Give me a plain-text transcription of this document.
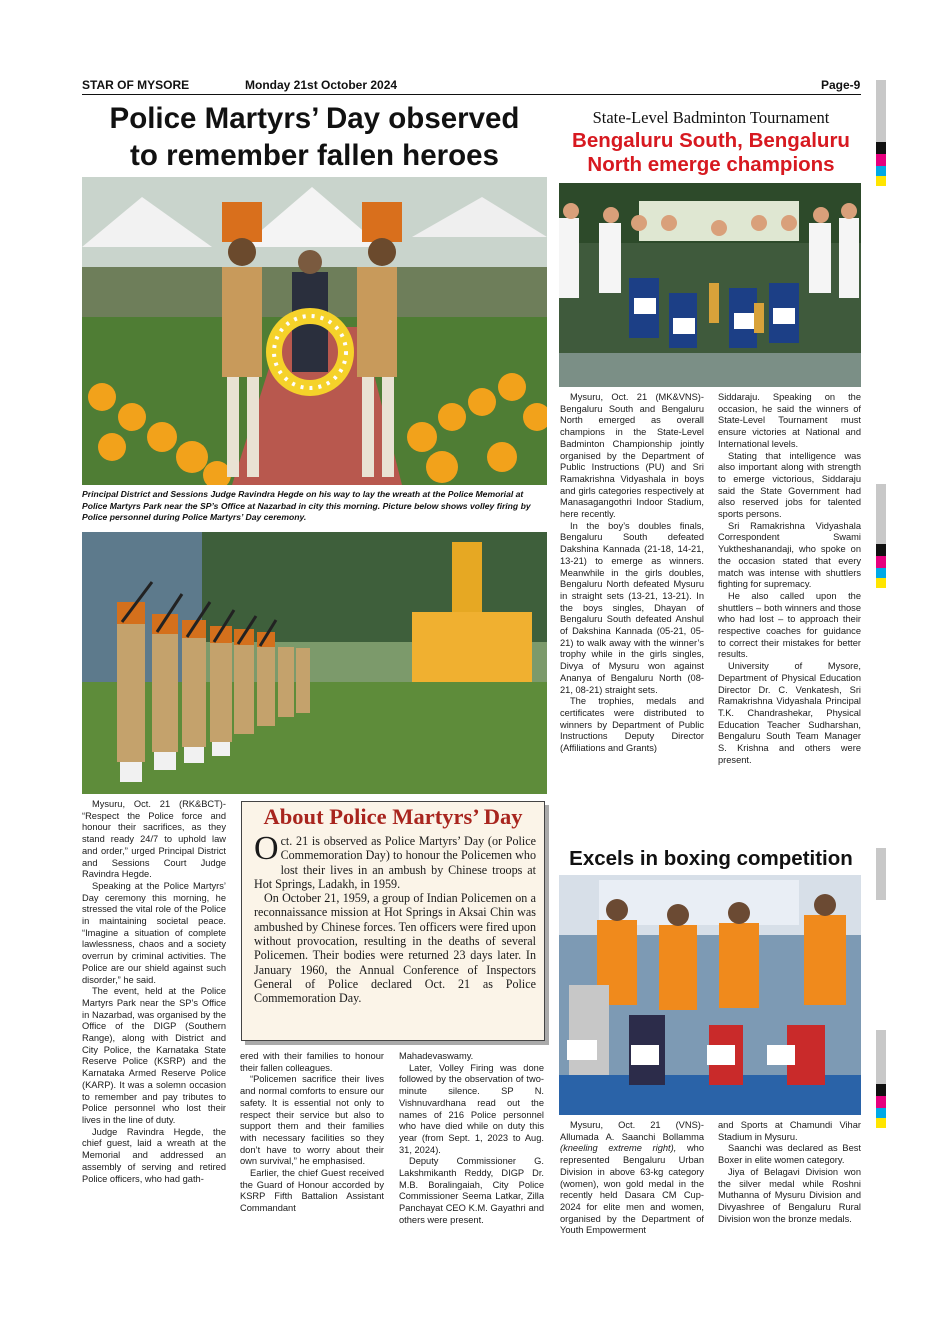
STAR OF MYSORE	Monday 21st October 2024	Page-9
Police Martyrs’ Day observed
to remember fallen heroes
Principal District and Sessions Judge Ravindra Hegde on his way to lay the wreath at the Police Memorial at Police Martyrs Park near the SP’s Office at Nazarbad in city this morning. Picture below shows volley firing by Police personnel during Police Martyrs’ Day ceremony.

Mysuru, Oct. 21 (RK&BCT)- “Respect the Police force and honour their sacrifices, as they stand ready 24/7 to uphold law and order,” urged Principal District and Sessions Court Judge Ravindra Hegde.

Speaking at the Police Martyrs’ Day ceremony this morning, he stressed the vital role of the Police in maintaining societal peace. “Imagine a situation of complete lawlessness, chaos and a society overrun by criminal activities. The Police are our shield against such disorder,” he said.

The event, held at the Police Martyrs Park near the SP’s Office in Nazarbad, was organised by the Office of the DIGP (Southern Range), along with District and City Police, the Karnataka State Reserve Police (KSRP) and the Karnataka Armed Reserve Police (KARP). It was a solemn occasion to remember and pay tributes to Police personnel who lost their lives in the line of duty.

Judge Ravindra Hegde, the chief guest, laid a wreath at the Memorial and addressed an assembly of serving and retired Police officers, who had gath-

About Police Martyrs’ Day
Oct. 21 is observed as Police Martyrs’ Day (or Police Commemoration Day) to honour the Policemen who lost their lives in an ambush by Chinese troops at Hot Springs, Ladakh, in 1959.
On October 21, 1959, a group of Indian Policemen on a reconnaissance mission at Hot Springs in Aksai Chin was ambushed by Chinese forces. Ten officers were fired upon without provocation, resulting in the deaths of several Policemen. Their bodies were returned 23 days later. In January 1960, the Annual Conference of Inspectors General of Police declared Oct. 21 as Police Commemoration Day.

ered with their families to honour their fallen colleagues.

“Policemen sacrifice their lives and normal comforts to ensure our safety. It is essential not only to respect their service but also to support them and their families with necessary facilities so they don’t have to worry about their own survival,” he emphasised.

Earlier, the chief Guest received the Guard of Honour accorded by KSRP Fifth Battalion Assistant Commandant

Mahadevaswamy.

Later, Volley Firing was done followed by the observation of two-minute silence. SP N. Vishnuvardhana read out the names of 216 Police personnel who have died while on duty this year (from Sept. 1, 2023 to Aug. 31, 2024).

Deputy Commissioner G. Lakshmikanth Reddy, DIGP Dr. M.B. Boralingaiah, City Police Commissioner Seema Latkar, Zilla Panchayat CEO K.M. Gayathri and others were present.

State-Level Badminton Tournament
Bengaluru South, Bengaluru
North emerge champions

Mysuru, Oct. 21 (MK&VNS)- Bengaluru South and Bengaluru North emerged as overall champions in the State-Level Badminton Championship jointly organised by the Department of Public Instructions (PU) and Sri Ramakrishna Vidyashala in boys and girls categories respectively at Manasagangothri Indoor Stadium, here recently.

In the boy’s doubles finals, Bengaluru South defeated Dakshina Kannada (21-18, 14-21, 13-21) to emerge as winners. Meanwhile in the girls doubles, Bengaluru North defeated Mysuru in straight sets (13-21, 13-21). In the boys singles, Dhayan of Bengaluru South defeated Anshul of Dakshina Kannada (05-21, 05-21) to walk away with the winner’s trophy while in the girls singles, Divya of Mysuru won against Ananya of Bengaluru North (08-21, 08-21) straight sets.

The trophies, medals and certificates were distributed to winners by Department of Public Instructions Deputy Director (Affiliations and Grants)

Siddaraju. Speaking on the occasion, he said the winners of State-Level Tournament must ensure victories at National and International levels.

Stating that intelligence was also important along with strength to emerge victorious, Siddaraju said the State Government had also reserved jobs for talented sports persons.

Sri Ramakrishna Vidyashala Correspondent Swami Yuktheshanandaji, who spoke on the occasion stated that every match was intense with shuttlers fighting for supremacy.

He also called upon the shuttlers – both winners and those who had lost – to approach their respective coaches for guidance to correct their mistakes for better results.

University of Mysore, Department of Physical Education Director Dr. C. Venkatesh, Sri Ramakrishna Vidyashala Principal T.K. Chandrashekar, Physical Education Teacher Sudharshan, Bengaluru South Team Manager S. Krishna and others were present.

Excels in boxing competition

Mysuru, Oct. 21 (VNS)- Allumada A. Saanchi Bollamma (kneeling extreme right), who represented Bengaluru Urban Division in above 63-kg category (women), won gold medal in the recently held Dasara CM Cup-2024 for elite men and women, organised by the Department of Youth Empowerment

and Sports at Chamundi Vihar Stadium in Mysuru.

Saanchi was declared as Best Boxer in elite women category.

Jiya of Belagavi Division won the silver medal while Roshni Muthanna of Mysuru Division and Divyashree of Bengaluru Rural Division won the bronze medals.
